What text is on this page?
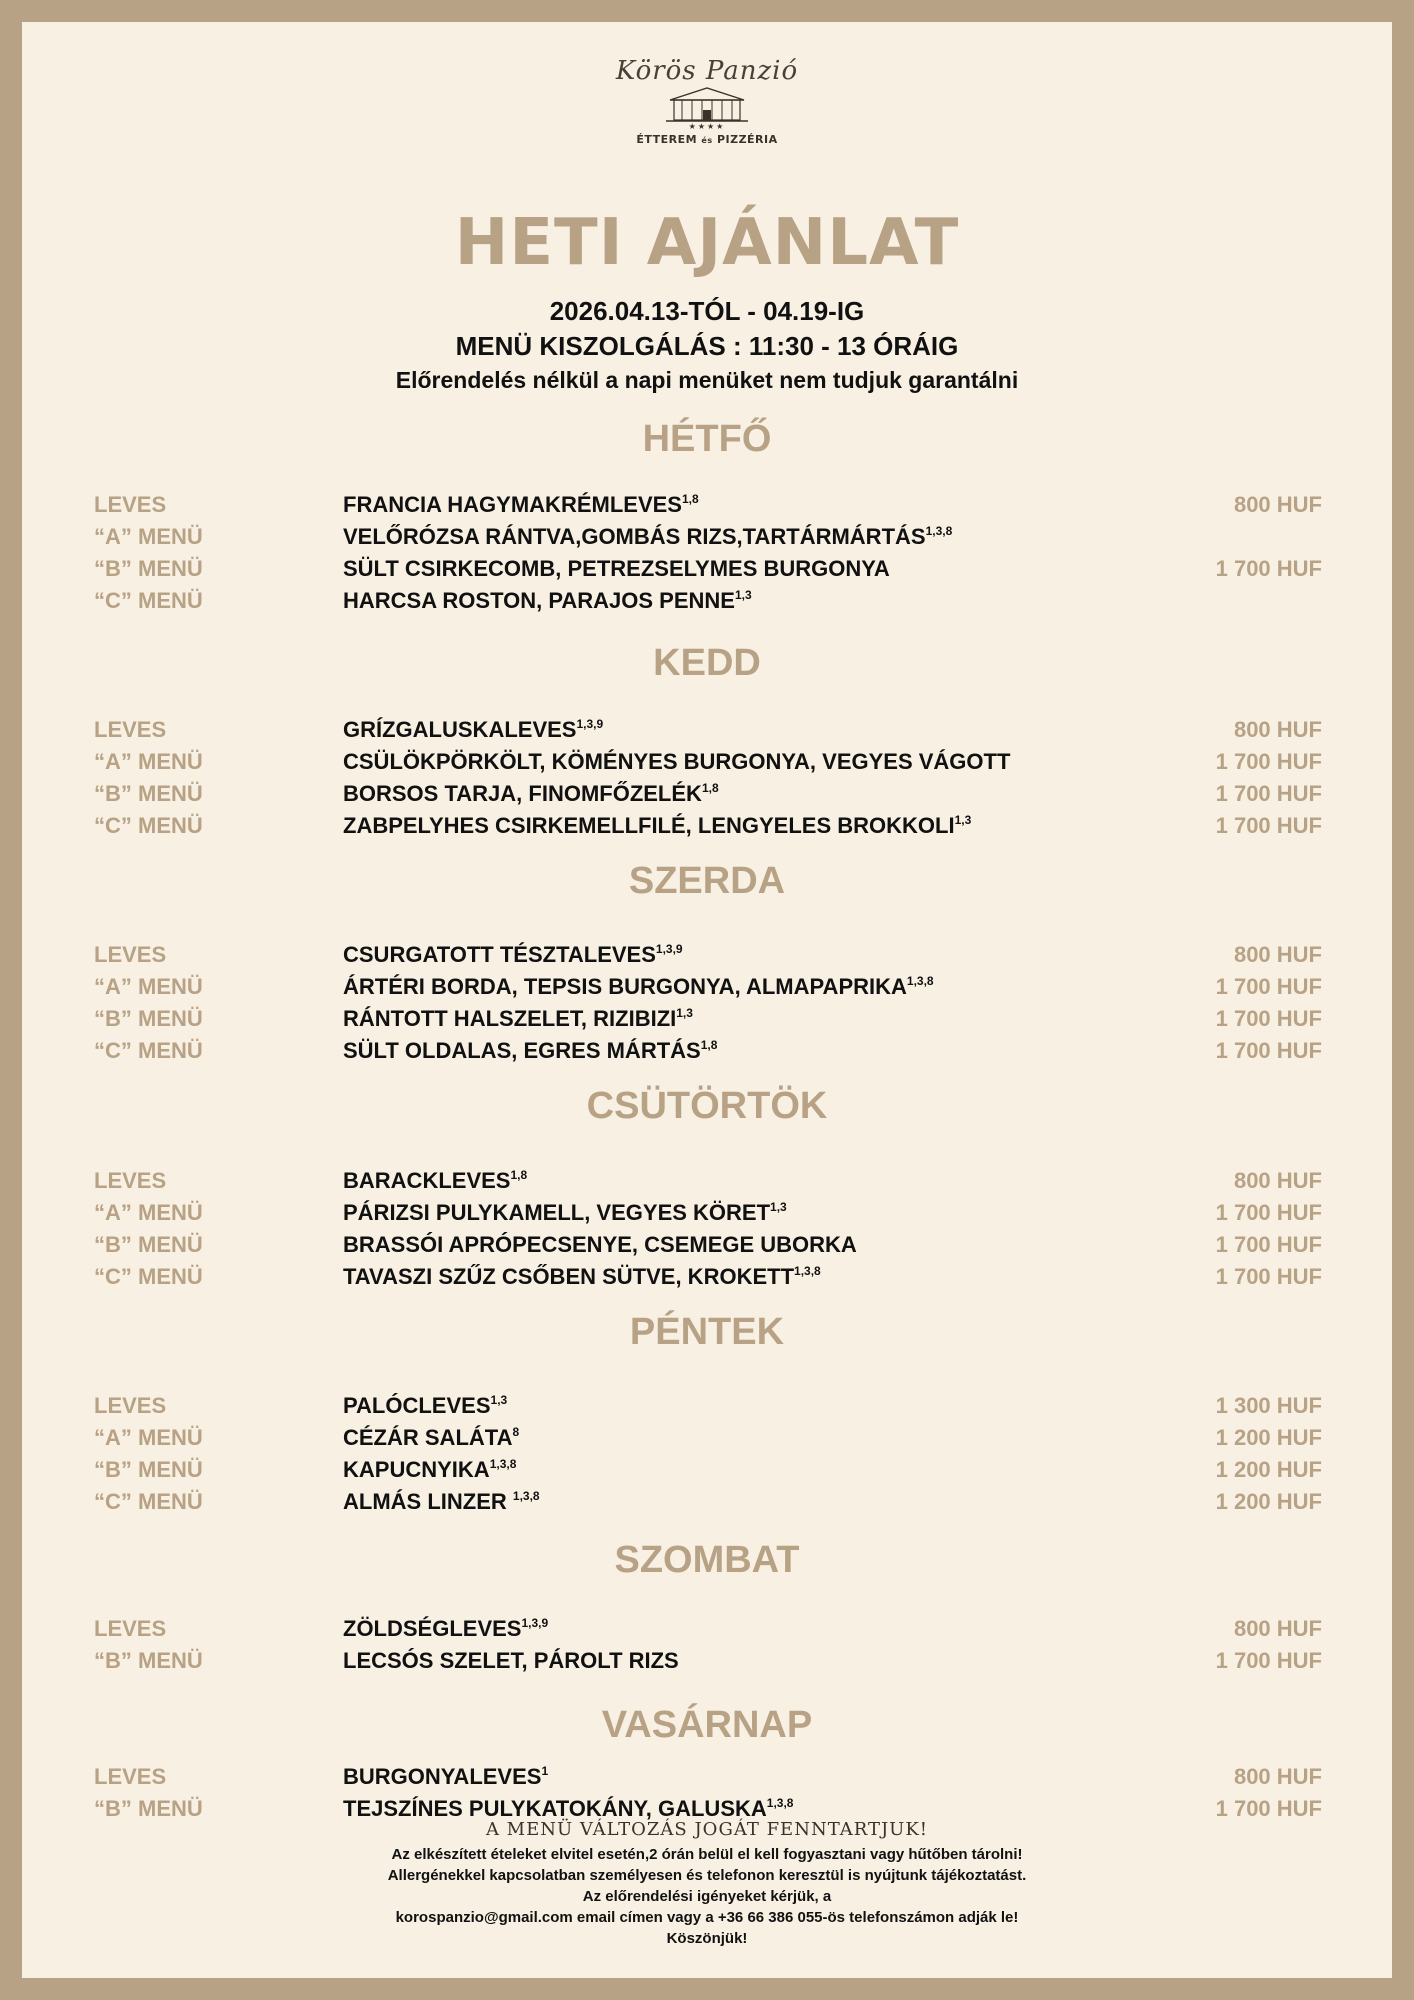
Körös Panzió
★★★★
ÉTTEREM és PIZZÉRIA
HETI AJÁNLAT
2026.04.13-TÓL - 04.19-IG
MENÜ KISZOLGÁLÁS : 11:30 - 13 ÓRÁIG
Előrendelés nélkül a napi menüket nem tudjuk garantálni
HÉTFŐ
LEVES	FRANCIA HAGYMAKRÉMLEVES$^{1,8}$	800 HUF
“A” MENÜ	VELŐRÓZSA RÁNTVA,GOMBÁS RIZS,TARTÁRMÁRTÁS$^{1,3,8}$
“B” MENÜ	SÜLT CSIRKECOMB, PETREZSELYMES BURGONYA	1 700 HUF
“C” MENÜ	HARCSA ROSTON, PARAJOS PENNE$^{1,3}$
KEDD
LEVES	GRÍZGALUSKALEVES$^{1,3,9}$	800 HUF
“A” MENÜ	CSÜLÖKPÖRKÖLT, KÖMÉNYES BURGONYA, VEGYES VÁGOTT	1 700 HUF
“B” MENÜ	BORSOS TARJA, FINOMFŐZELÉK$^{1,8}$	1 700 HUF
“C” MENÜ	ZABPELYHES CSIRKEMELLFILÉ, LENGYELES BROKKOLI$^{1,3}$	1 700 HUF
SZERDA
LEVES	CSURGATOTT TÉSZTALEVES$^{1,3,9}$	800 HUF
“A” MENÜ	ÁRTÉRI BORDA, TEPSIS BURGONYA, ALMAPAPRIKA$^{1,3,8}$	1 700 HUF
“B” MENÜ	RÁNTOTT HALSZELET, RIZIBIZI$^{1,3}$	1 700 HUF
“C” MENÜ	SÜLT OLDALAS, EGRES MÁRTÁS$^{1,8}$	1 700 HUF
CSÜTÖRTÖK
LEVES	BARACKLEVES$^{1,8}$	800 HUF
“A” MENÜ	PÁRIZSI PULYKAMELL, VEGYES KÖRET$^{1,3}$	1 700 HUF
“B” MENÜ	BRASSÓI APRÓPECSENYE, CSEMEGE UBORKA	1 700 HUF
“C” MENÜ	TAVASZI SZŰZ CSŐBEN SÜTVE, KROKETT$^{1,3,8}$	1 700 HUF
PÉNTEK
LEVES	PALÓCLEVES$^{1,3}$	1 300 HUF
“A” MENÜ	CÉZÁR SALÁTA$^8$	1 200 HUF
“B” MENÜ	KAPUCNYIKA$^{1,3,8}$	1 200 HUF
“C” MENÜ	ALMÁS LINZER $^{1,3,8}$	1 200 HUF
SZOMBAT
LEVES	ZÖLDSÉGLEVES$^{1,3,9}$	800 HUF
“B” MENÜ	LECSÓS SZELET, PÁROLT RIZS	1 700 HUF
VASÁRNAP
LEVES	BURGONYALEVES$^1$	800 HUF
“B” MENÜ	TEJSZÍNES PULYKATOKÁNY, GALUSKA$^{1,3,8}$	1 700 HUF
A MENÜ VÁLTOZÁS JOGÁT FENNTARTJUK!
Az elkészített ételeket elvitel esetén,2 órán belül el kell fogyasztani vagy hűtőben tárolni!
Allergénekkel kapcsolatban személyesen és telefonon keresztül is nyújtunk tájékoztatást.
Az előrendelési igényeket kérjük, a
korospanzio@gmail.com email címen vagy a +36 66 386 055-ös telefonszámon adják le!
Köszönjük!
